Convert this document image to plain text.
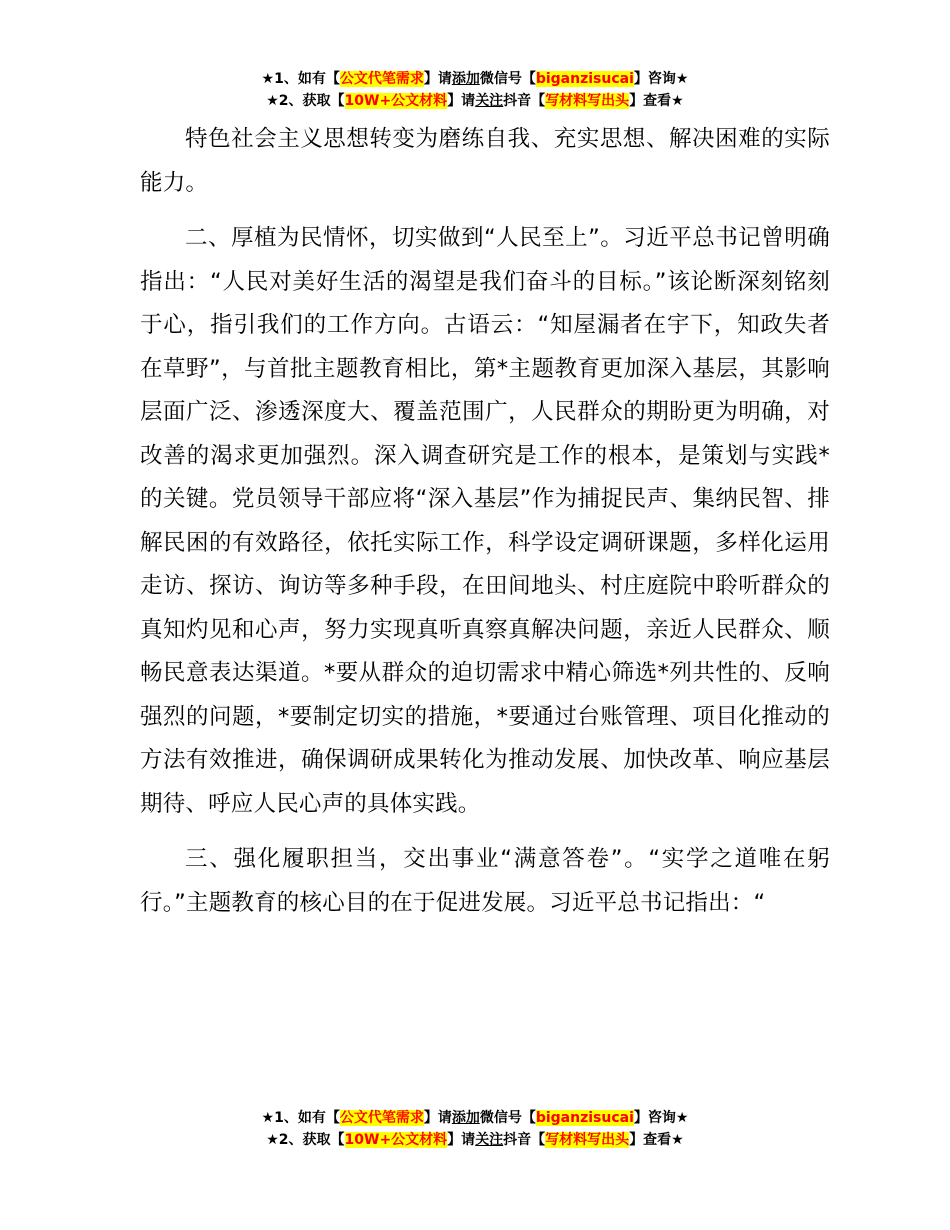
★1、如有【公文代笔需求】请添加微信号【biganzisucai】咨询★
★2、获取【10W+公文材料】请关注抖音【写材料写出头】查看★

特色社会主义思想转变为磨练自我、充实思想、解决困难的实际能力。

二、厚植为民情怀，切实做到“人民至上”。习近平总书记曾明确指出：“人民对美好生活的渴望是我们奋斗的目标。”该论断深刻铭刻于心，指引我们的工作方向。古语云：“知屋漏者在宇下，知政失者在草野”，与首批主题教育相比，第*主题教育更加深入基层，其影响层面广泛、渗透深度大、覆盖范围广，人民群众的期盼更为明确，对改善的渴求更加强烈。深入调查研究是工作的根本，是策划与实践*的关键。党员领导干部应将“深入基层”作为捕捉民声、集纳民智、排解民困的有效路径，依托实际工作，科学设定调研课题，多样化运用走访、探访、询访等多种手段，在田间地头、村庄庭院中聆听群众的真知灼见和心声，努力实现真听真察真解决问题，亲近人民群众、顺畅民意表达渠道。*要从群众的迫切需求中精心筛选*列共性的、反响强烈的问题，*要制定切实的措施，*要通过台账管理、项目化推动的方法有效推进，确保调研成果转化为推动发展、加快改革、响应基层期待、呼应人民心声的具体实践。

三、强化履职担当，交出事业“满意答卷”。“实学之道唯在躬行。”主题教育的核心目的在于促进发展。习近平总书记指出：“

★1、如有【公文代笔需求】请添加微信号【biganzisucai】咨询★
★2、获取【10W+公文材料】请关注抖音【写材料写出头】查看★
